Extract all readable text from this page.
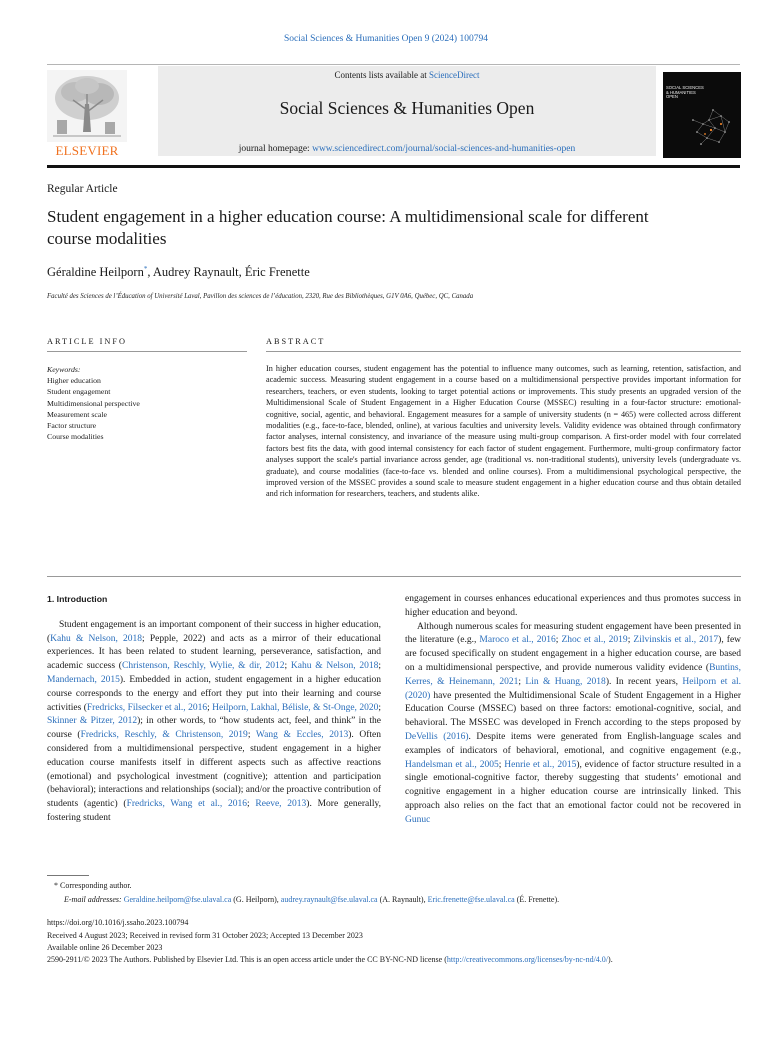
Social Sciences & Humanities Open 9 (2024) 100794
Contents lists available at ScienceDirect
Social Sciences & Humanities Open
journal homepage: www.sciencedirect.com/journal/social-sciences-and-humanities-open
ELSEVIER
SOCIAL SCIENCES & HUMANITIES OPEN
Regular Article
Student engagement in a higher education course: A multidimensional scale for different course modalities
Géraldine Heilporn*, Audrey Raynault, Éric Frenette
Faculté des Sciences de l’Éducation of Université Laval, Pavillon des sciences de l’éducation, 2320, Rue des Bibliothèques, G1V 0A6, Québec, QC, Canada
ARTICLE INFO	ABSTRACT
Keywords:
Higher education
Student engagement
Multidimensional perspective
Measurement scale
Factor structure
Course modalities
In higher education courses, student engagement has the potential to influence many outcomes, such as learning, retention, satisfaction, and academic success. Measuring student engagement in a course based on a multidimensional perspective provides important information for researchers, teachers, or even students, looking to target potential actions or improvements. This study presents an upgraded version of the Multidimensional Scale of Student Engagement in a Higher Education Course (MSSEC) resulting in a four-factor structure: emotional-cognitive, social, agentic, and behavioral. Engagement measures for a sample of university students (n = 465) were collected across different modalities (e.g., face-to-face, blended, online), at various faculties and university levels. Validity evidence was obtained through confirmatory factor analyses, internal consistency, and invariance of the measure using multi-group comparison. A first-order model with four correlated factors best fits the data, with good internal consistency for each factor of student engagement. Furthermore, multi-group confirmatory factor analyses support the scale's partial invariance across gender, age (traditional vs. non-traditional students), university levels (undergraduate vs. graduate), and course modalities (face-to-face vs. blended and online courses). From a multidimensional psychological perspective, the improved version of the MSSEC provides a sound scale to measure student engagement in a higher education course and thus obtain detailed and rich information for researchers, teachers, and students alike.
1. Introduction

Student engagement is an important component of their success in higher education, (Kahu & Nelson, 2018; Pepple, 2022) and acts as a mirror of their educational experiences. It has been related to student learning, perseverance, satisfaction, and academic success (Christenson, Reschly, Wylie, & dir, 2012; Kahu & Nelson, 2018; Mandernach, 2015). Embedded in action, student engagement in a higher education course corresponds to the energy and effort they put into their learning and course activities (Fredricks, Filsecker et al., 2016; Heilporn, Lakhal, Bélisle, & St-Onge, 2020; Skinner & Pitzer, 2012); in other words, to “how students act, feel, and think” in the course (Fredricks, Reschly, & Christenson, 2019; Wang & Eccles, 2013). Often considered from a multidimensional perspective, student engagement in a higher education course manifests itself in different aspects such as affective reactions (emotional) and psychological investment (cognitive); attention and participation (behavioral); interactions and relationships (social); and/or the proactive contribution of students (agentic) (Fredricks, Wang et al., 2016; Reeve, 2013). More generally, fostering student

engagement in courses enhances educational experiences and thus promotes success in higher education and beyond.

Although numerous scales for measuring student engagement have been presented in the literature (e.g., Maroco et al., 2016; Zhoc et al., 2019; Zilvinskis et al., 2017), few are focused specifically on student engagement in a higher education course, are based on a multidimensional perspective, and provide numerous validity evidence (Buntins, Kerres, & Heinemann, 2021; Lin & Huang, 2018). In recent years, Heilporn et al. (2020) have presented the Multidimensional Scale of Student Engagement in a Higher Education Course (MSSEC) based on three factors: emotional-cognitive, social, and behavioral. The MSSEC was developed in French according to the steps proposed by DeVellis (2016). Despite items were generated from English-language scales and examples of indicators of behavioral, emotional, and cognitive engagement (e.g., Handelsman et al., 2005; Henrie et al., 2015), evidence of factor structure resulted in a single emotional-cognitive factor, thereby suggesting that students’ emotional and cognitive engagement in a higher education course are intrinsically linked. This approach also relies on the fact that an emotional factor could not be recovered in Gunuc

* Corresponding author.
E-mail addresses: Geraldine.heilporn@fse.ulaval.ca (G. Heilporn), audrey.raynault@fse.ulaval.ca (A. Raynault), Eric.frenette@fse.ulaval.ca (É. Frenette).
https://doi.org/10.1016/j.ssaho.2023.100794
Received 4 August 2023; Received in revised form 31 October 2023; Accepted 13 December 2023
Available online 26 December 2023
2590-2911/© 2023 The Authors. Published by Elsevier Ltd. This is an open access article under the CC BY-NC-ND license (http://creativecommons.org/licenses/by-nc-nd/4.0/).
